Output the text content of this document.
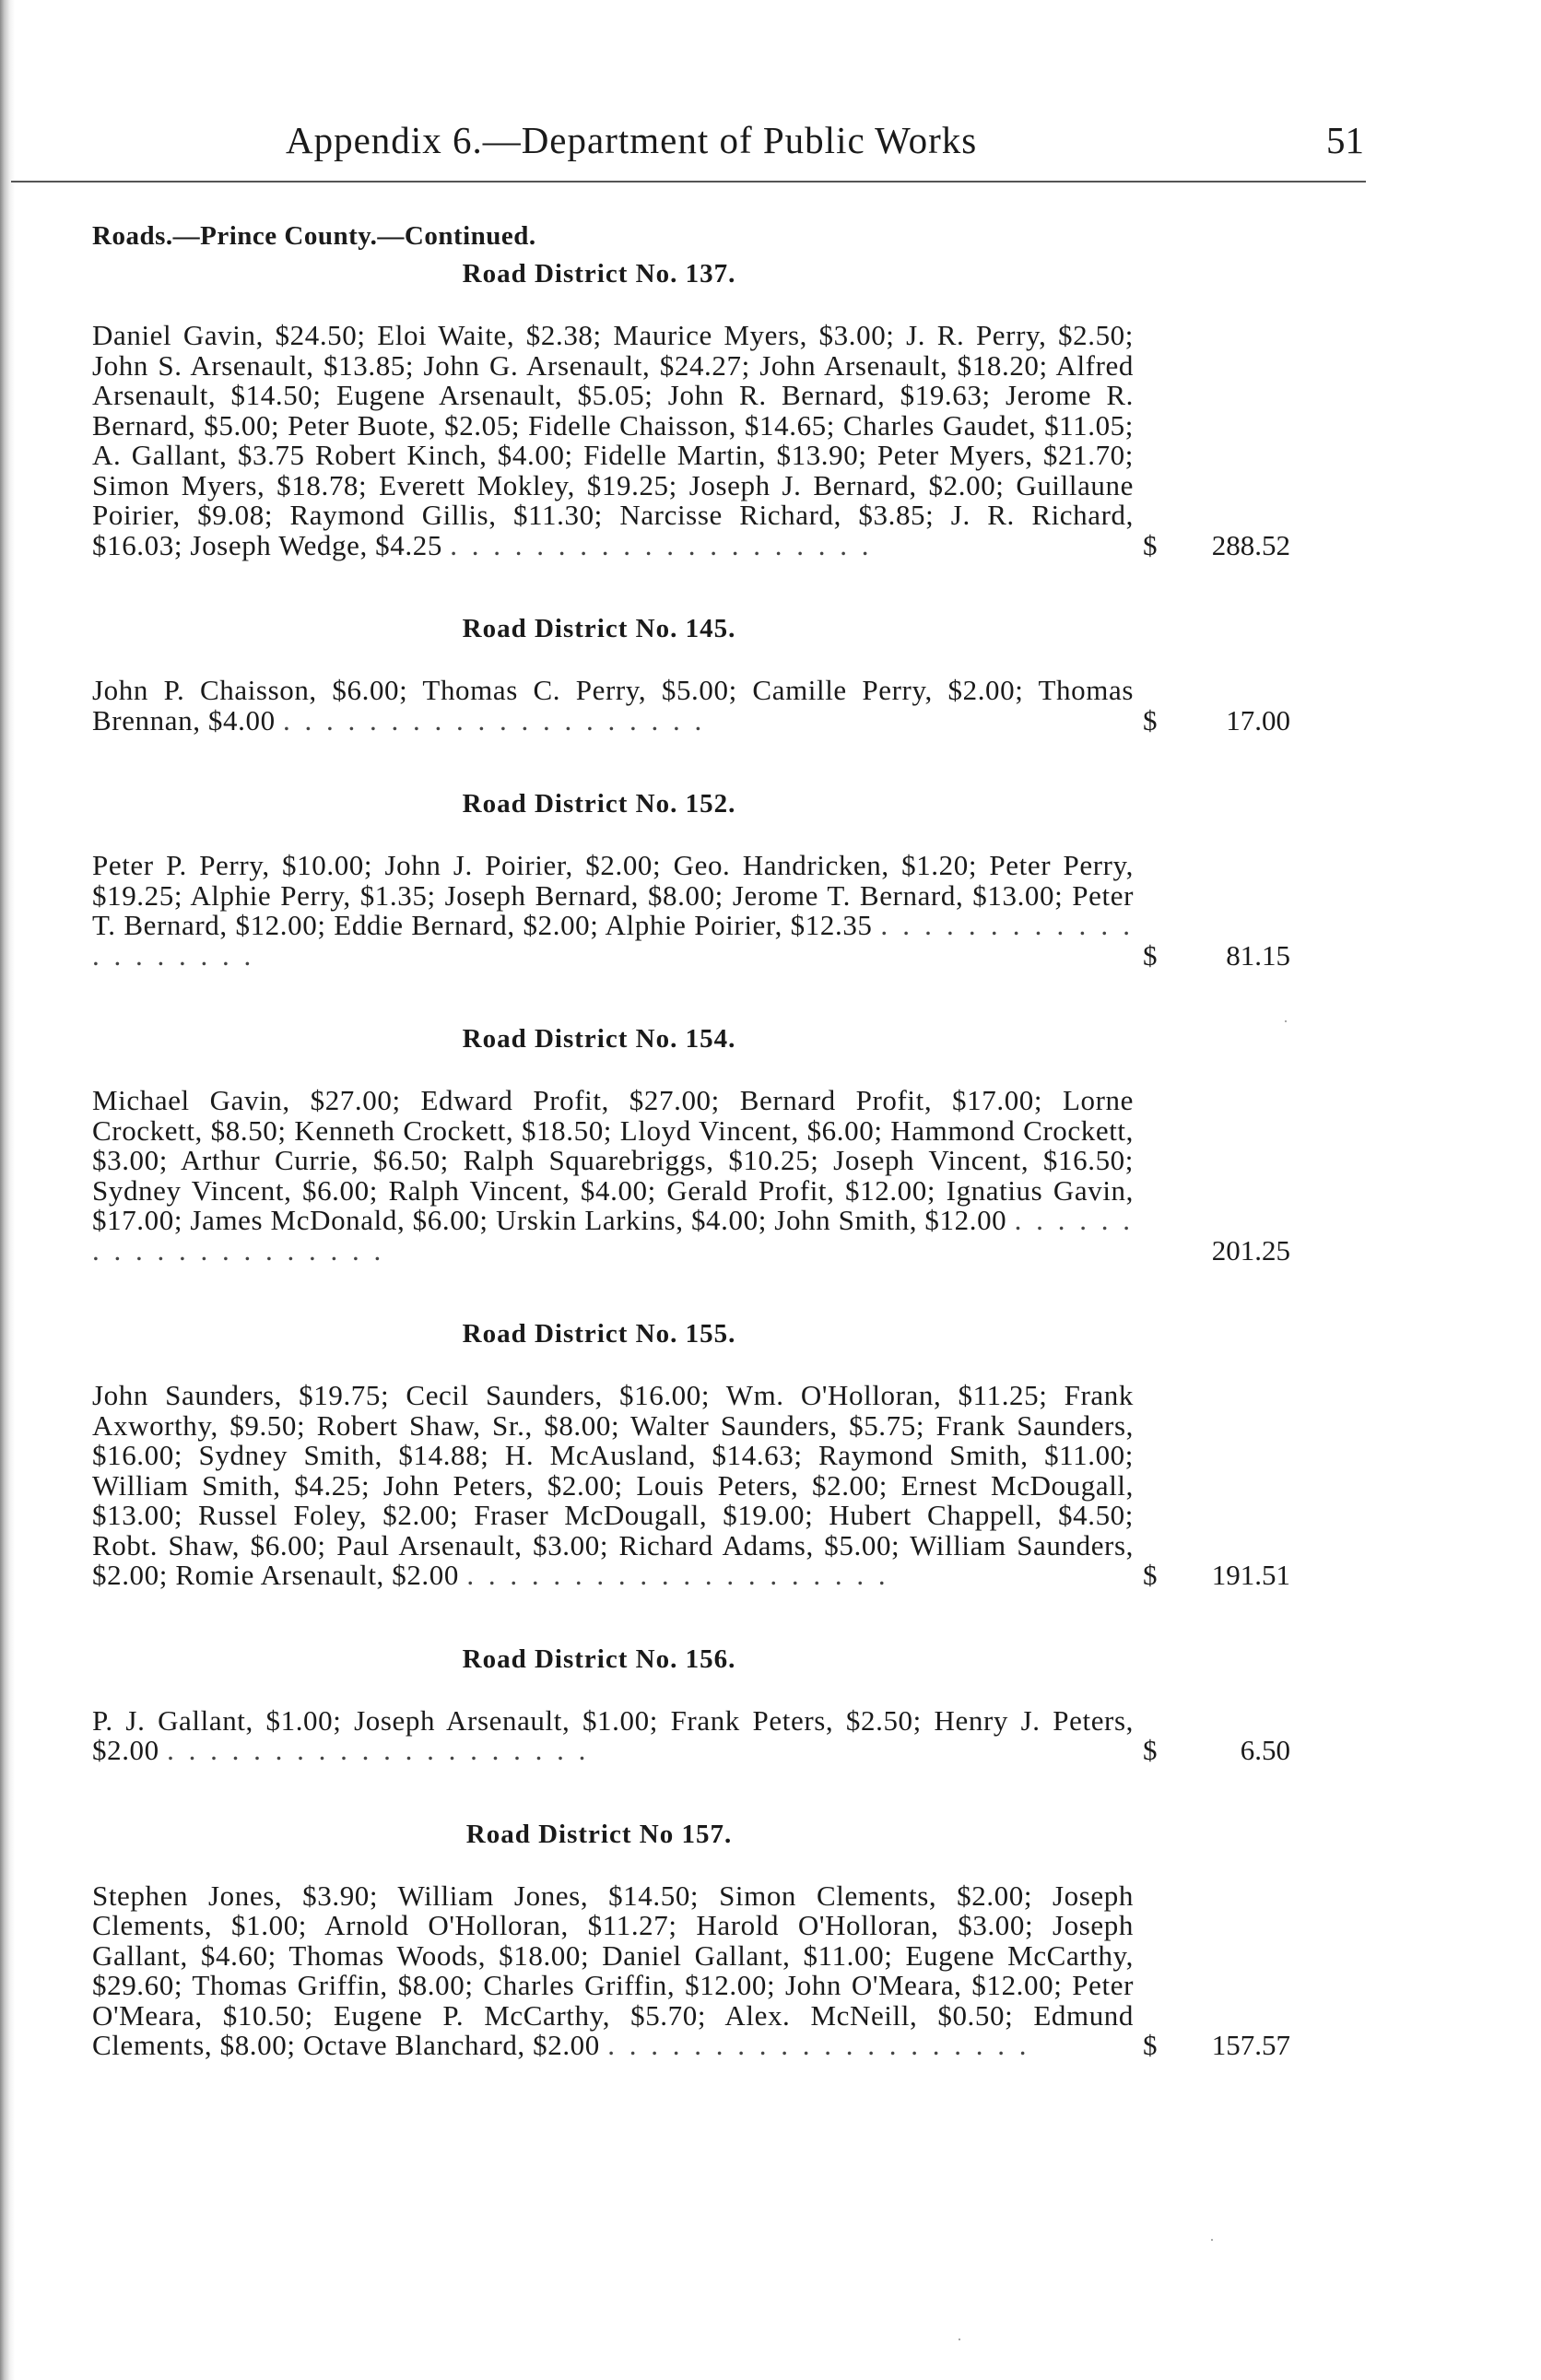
Appendix 6.—Department of Public Works	51
Roads.—Prince County.—Continued.
Road District No. 137.
Daniel Gavin, $24.50; Eloi Waite, $2.38; Maurice Myers, $3.00; J. R. Perry, $2.50; John S. Arsenault, $13.85; John G. Arsenault, $24.27; John Arsenault, $18.20; Alfred Arsenault, $14.50; Eugene Arsenault, $5.05; John R. Bernard, $19.63; Jerome R. Bernard, $5.00; Peter Buote, $2.05; Fidelle Chaisson, $14.65; Charles Gaudet, $11.05; A. Gallant, $3.75 Robert Kinch, $4.00; Fidelle Martin, $13.90; Peter Myers, $21.70; Simon Myers, $18.78; Everett Mokley, $19.25; Joseph J. Bernard, $2.00; Guillaune Poirier, $9.08; Raymond Gillis, $11.30; Narcisse Richard, $3.85; J. R. Richard, $16.03; Joseph Wedge, $4.25 . . . . . . . . . . . . . . . . . . . .	$	288.52
Road District No. 145.
John P. Chaisson, $6.00; Thomas C. Perry, $5.00; Camille Perry, $2.00; Thomas Brennan, $4.00 . . . . . . . . . . . . . . . . . . . .	$	17.00
Road District No. 152.
Peter P. Perry, $10.00; John J. Poirier, $2.00; Geo. Handricken, $1.20; Peter Perry, $19.25; Alphie Perry, $1.35; Joseph Bernard, $8.00; Jerome T. Bernard, $13.00; Peter T. Bernard, $12.00; Eddie Bernard, $2.00; Alphie Poirier, $12.35 . . . . . . . . . . . . . . . . . . . .	$	81.15
Road District No. 154.
Michael Gavin, $27.00; Edward Profit, $27.00; Bernard Profit, $17.00; Lorne Crockett, $8.50; Kenneth Crockett, $18.50; Lloyd Vincent, $6.00; Hammond Crockett, $3.00; Arthur Currie, $6.50; Ralph Squarebriggs, $10.25; Joseph Vincent, $16.50; Sydney Vincent, $6.00; Ralph Vincent, $4.00; Gerald Profit, $12.00; Ignatius Gavin, $17.00; James McDonald, $6.00; Urskin Larkins, $4.00; John Smith, $12.00 . . . . . . . . . . . . . . . . . . . .	201.25
Road District No. 155.
John Saunders, $19.75; Cecil Saunders, $16.00; Wm. O'Holloran, $11.25; Frank Axworthy, $9.50; Robert Shaw, Sr., $8.00; Walter Saunders, $5.75; Frank Saunders, $16.00; Sydney Smith, $14.88; H. McAusland, $14.63; Raymond Smith, $11.00; William Smith, $4.25; John Peters, $2.00; Louis Peters, $2.00; Ernest McDougall, $13.00; Russel Foley, $2.00; Fraser McDougall, $19.00; Hubert Chappell, $4.50; Robt. Shaw, $6.00; Paul Arsenault, $3.00; Richard Adams, $5.00; William Saunders, $2.00; Romie Arsenault, $2.00 . . . . . . . . . . . . . . . . . . . .	$	191.51
Road District No. 156.
P. J. Gallant, $1.00; Joseph Arsenault, $1.00; Frank Peters, $2.50; Henry J. Peters, $2.00 . . . . . . . . . . . . . . . . . . . .	$	6.50
Road District No 157.
Stephen Jones, $3.90; William Jones, $14.50; Simon Clements, $2.00; Joseph Clements, $1.00; Arnold O'Holloran, $11.27; Harold O'Holloran, $3.00; Joseph Gallant, $4.60; Thomas Woods, $18.00; Daniel Gallant, $11.00; Eugene McCarthy, $29.60; Thomas Griffin, $8.00; Charles Griffin, $12.00; John O'Meara, $12.00; Peter O'Meara, $10.50; Eugene P. McCarthy, $5.70; Alex. McNeill, $0.50; Edmund Clements, $8.00; Octave Blanchard, $2.00 . . . . . . . . . . . . . . . . . . . .	$	157.57
·
·
·
